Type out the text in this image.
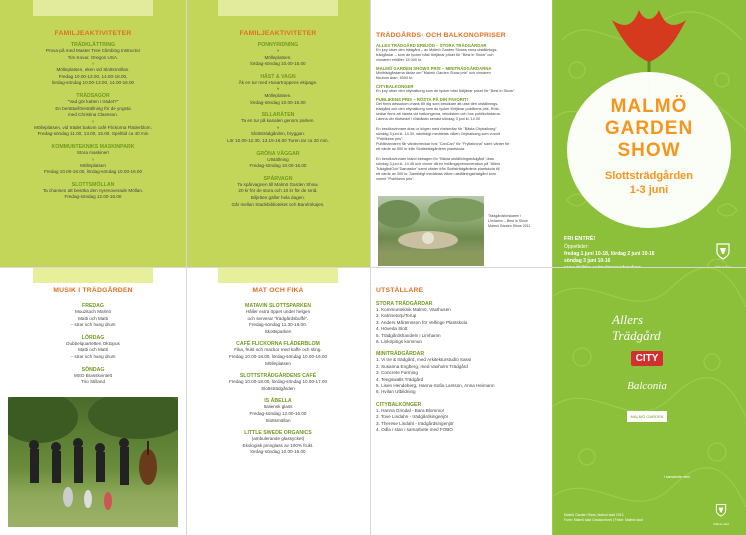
FAMILJEAKTIVITETER
TRÄDKLÄTTRING
Prova-på med Master Tree Climbing Instructor
Tim Kovar, Oregon USA.
»
Mölleplatsen, eken vid Slottsmöllan.
Fredag 10.00-13.00, 14.00-18.00,
lördag-söndag 10.00-13.00, 14.00-16.00
TRÄDSAGOR
"Vad gör katten i trädet?"
En berättarföreställning för de yngsta
med Christina Claesson.
»
Mölleplatsen, vid trädet bakom café Flickorna Fläderblom.
Fredag-söndag 11.00, 13.00, 15.00. Spelttid ca 40 min
KOMMUNTEKNIKS MASKINPARK
Stora maskiner!
»
Mölleplatsen
Fredag 10.00-18.00, lördag-söndag 10.00-16.00
SLOTTSMÖLLAN
Ta chansen att besöka den nyrenoverade Möllan.
Fredag-söndag 12.00-16.00
FAMILJEAKTIVITETER
PONNYRIDNING
»
Mölleplatsen.
lördag-söndag 10.00-15.00
HÄST & VAGN
Åk en tur med Husartroppens ekipage.
»
Mölleplatsen.
lördag-söndag 10.00-15.00
SILLARÄTEN
Ta en tur på kanalen genom parken.
»
Slottsträdgården, bryggan.
Lör 10.00-12.30, 13.15-16.00 Turen tar ca 20 min.
GRÖNA VÄGGAR
Utställning
Fredag-söndag 10.00-16.00
SPÅRVAGN
Ta spårvagnen till Malmö Garden Show,
20 kr för de stora och 10 kr för de små.
Biljetten gäller hela dagen.
Går mellan Stadsbiblioteket och Banérskajen.
TRÄDGÅRDS- OCH BALKONGPRISER
ALLES TRÄDGÅRD ERBJÖD – STORA TRÄDGÅRDAR
En jury utser den trädgård – av Malmö Garden Shows stora utställnings-
trädgårdar – som de tycker bäst förtjänar priset för "Best in Show" och
vinnaren erhåller 15 000 kr.
MALMÖ GARDEN SHOWS PRIS – MINITRÄDGÅRDARNA
Miniträdgårdarna tävlar om "Malmö Garden Show pris" och vinnaren
förutom äran, 5000 kr.
CITYBALKONGER
En jury utser den citybalkong som de tycker bäst förtjänar priset för "Best in Show".
PUBLIKENS PRIS – RÖSTA PÅ DIN FAVORIT!
Det finns dessutom chans för dig som besökare att utse den utställnings-
trädgård och den citybalkong som du tycker förtjänar publikens pris. Röst-
sedlar finns att hämta vid balkongerna, infodisken och hos publikvärdarna.
Lämna din röstsedel i röstlådan senast söndag 3 juni kl. 14.00

En besöksvinnare dras ur högen med röstsedlar för "Bästa Citybalkong"
söndag 3 juni kl. 14.30, samtidigt meddelas vilken Citybalkong som vunnit
"Publikens pris".
Publikvinnaren får värdecheckar hos "CanCan" för "Fryllakrona" samt vänter för
ett värde av 500 kr från Slottsträdgårdens plantskola.

En besöksvinnare bland bidragen för "Bästa utställningsträdgård" dras
söndag 3 juni kl. 14.45 och vinner då en helåmgsprenumeration på "Allers
TrädgårdOch"Damastor" samt vänter från Slottsträdgårdens plantskola till
ett värde av 300 kr. Samtidigt meddelas vilken utställningsträdgård som
vunnit "Publikens pris".
Trädgårdsforskaren i
Limhamn – Best in Show
Malmö Garden Show 2011
MALMÖ
GARDEN
SHOW
Slottsträdgården
1-3 juni
FRI ENTRÉ!
Öppettider:
fredag 1 juni 10-18, lördag 2 juni 10-16
söndag 3 juni 10-16
MUSIK I TRÄDGÅRDEN
FREDAG
Mouzitach Malmö
Matti och Matti
– strar och hang drum
LÖRDAG
Dubbelquartetten Oktopus
Matti och Matti
– strar och hang drum
SÖNDAG
MSO Brasskvintett
Trio Stilland
MAT OCH FIKA
MATAVIN SLOTTSPARKEN
Håller extra öppet under helgen
och serverar "trädgårdsbuffé".
Fredag-söndag 11.30-16.00.
Skottsparken
CAFÉ FLICKORNA FLÄDERBLOM
Fika, frukt och mackor med kaffe och sting.
Fredag 10.00-18.00, lördag-söndag 10.00-16.00
Mölleplatsen
SLOTTSTRÄDGÅRDENS CAFÉ
Fredag 10.00-18.00, lördag-söndag 10.00-17.00
Slottsträdgården
IS ÅBELLA
Italiensk glass
Fredag-söndag 12.00-16.00
Slottsmöllan
LITTLE SWEDE ORGANICS
(ambulerande glassycket)
Ekologisk pinnglass av 100% frukt.
lördag-söndag 10.00-16.00
UTSTÄLLARE
STORA TRÄDGÅRDAR
1. Kommunteknik Malmö, Växthusen
2. Katrinetorp/Torup
3. Anders Mårtensson för Vellinge Plantskola
4. Höveda Slott
5. Trädgårdshandeln i Limhamn
6. Linköpings kommun
MINITRÄDGÅRDAR
1. Vi tre & trädgård, med Arkitekturstudio Sassi
2. Susanna Engberg, med Vaxholm Trädgård
3. Concrete Farming
4. Tengswalls Trädgård
5. Lisen Hendeberg, Hanna-Sofia Larsson, Anna Heimann
6. Hvilan Utbildning
CITYBALKONGER
1. Hanna Grindal - Bara Blommor
2. Tove Lindahn - trädgårdsingenjör
3. Therese Lindahl - trädgårdsingenjör
4. Odla i stan i samarbete med FOBO
Allers Trädgård
CITY
Balconia
MALMÖ GARDEN
I samarbete med:
Malmö Garden Show, Malmö stad 2012
Form: Malmö stad Gatukontoret | Foton: Malmö stad
Malmö stad
